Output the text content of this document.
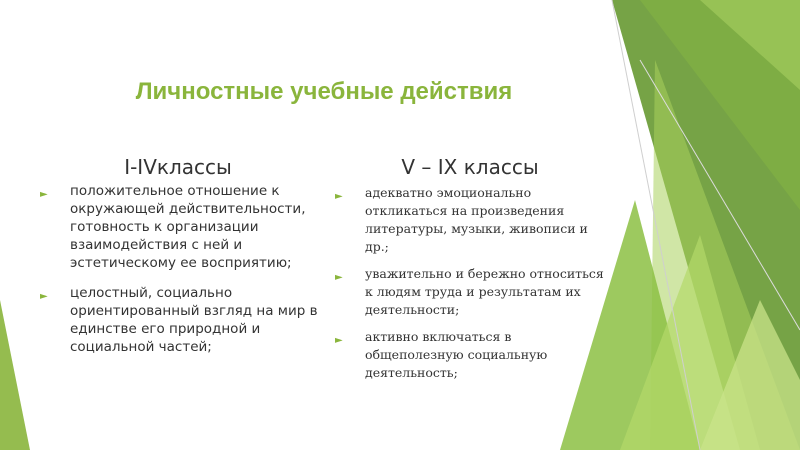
Личностные учебные действия
I-IVклассы	V – IX классы
► положительное отношение к окружающей действительности, готовность к организации взаимодействия с ней и эстетическому ее восприятию;
► целостный, социально ориентированный взгляд на мир в единстве его природной и социальной частей;
► адекватно эмоционально откликаться на произведения литературы, музыки, живописи и др.;
► уважительно и бережно относиться к людям труда и результатам их деятельности;
► активно включаться в общеполезную социальную деятельность;
